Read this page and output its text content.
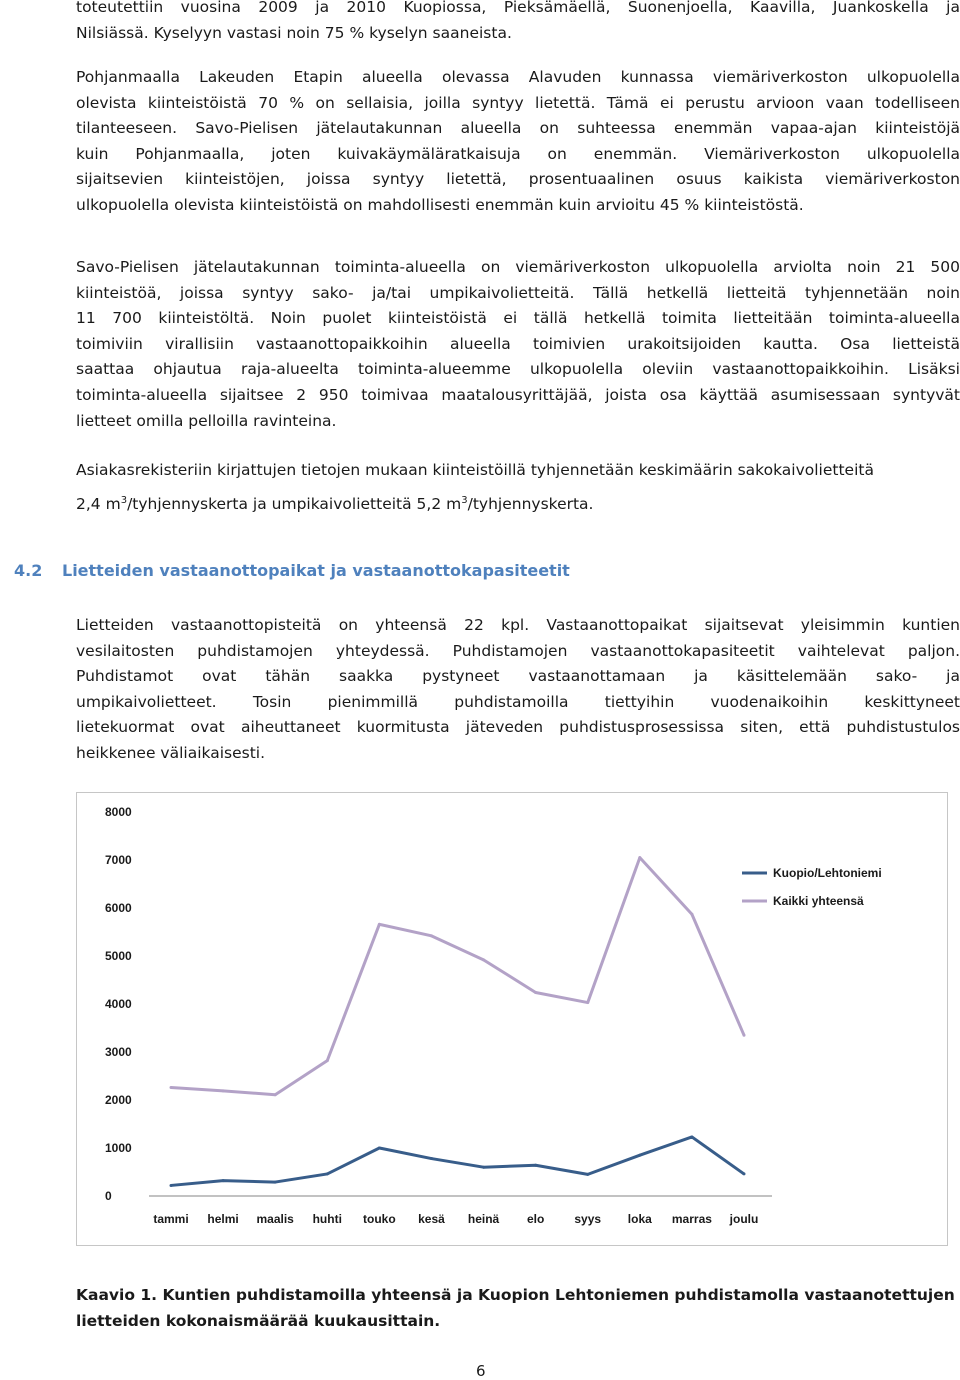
toteutettiin vuosina 2009 ja 2010 Kuopiossa, Pieksämäellä, Suonenjoella, Kaavilla, Juankoskella ja
Nilsiässä. Kyselyyn vastasi noin 75 % kyselyn saaneista.
Pohjanmaalla Lakeuden Etapin alueella olevassa Alavuden kunnassa viemäriverkoston ulkopuolella
olevista kiinteistöistä 70 % on sellaisia, joilla syntyy lietettä. Tämä ei perustu arvioon vaan todelliseen
tilanteeseen. Savo-Pielisen jätelautakunnan alueella on suhteessa enemmän vapaa-ajan kiinteistöjä
kuin Pohjanmaalla, joten kuivakäymäläratkaisuja on enemmän. Viemäriverkoston ulkopuolella
sijaitsevien kiinteistöjen, joissa syntyy lietettä, prosentuaalinen osuus kaikista viemäriverkoston
ulkopuolella olevista kiinteistöistä on mahdollisesti enemmän kuin arvioitu 45 % kiinteistöstä.
Savo-Pielisen jätelautakunnan toiminta-alueella on viemäriverkoston ulkopuolella arviolta noin 21 500
kiinteistöä, joissa syntyy sako- ja/tai umpikaivolietteitä. Tällä hetkellä lietteitä tyhjennetään noin
11 700 kiinteistöltä. Noin puolet kiinteistöistä ei tällä hetkellä toimita lietteitään toiminta-alueella
toimiviin virallisiin vastaanottopaikkoihin alueella toimivien urakoitsijoiden kautta. Osa lietteistä
saattaa ohjautua raja-alueelta toiminta-alueemme ulkopuolella oleviin vastaanottopaikkoihin. Lisäksi
toiminta-alueella sijaitsee 2 950 toimivaa maatalousyrittäjää, joista osa käyttää asumisessaan syntyvät
lietteet omilla pelloilla ravinteina.
Asiakasrekisteriin kirjattujen tietojen mukaan kiinteistöillä tyhjennetään keskimäärin sakokaivolietteitä
2,4 $m^3$/tyhjennyskerta ja umpikaivolietteitä 5,2 $m^3$/tyhjennyskerta.
4.2 Lietteiden vastaanottopaikat ja vastaanottokapasiteetit
Lietteiden vastaanottopisteitä on yhteensä 22 kpl. Vastaanottopaikat sijaitsevat yleisimmin kuntien
vesilaitosten puhdistamojen yhteydessä. Puhdistamojen vastaanottokapasiteetit vaihtelevat paljon.
Puhdistamot ovat tähän saakka pystyneet vastaanottamaan ja käsittelemään sako- ja
umpikaivolietteet. Tosin pienimmillä puhdistamoilla tiettyihin vuodenaikoihin keskittyneet
lietekuormat ovat aiheuttaneet kuormitusta jäteveden puhdistusprosessissa siten, että puhdistustulos
heikkenee väliaikaisesti.
0
1000
2000
3000
4000
5000
6000
7000
8000
tammi helmi maalis huhti touko kesä heinä elo	syys loka marras joulu
Kuopio/Lehtoniemi
Kaikki yhteensä
Kaavio 1. Kuntien puhdistamoilla yhteensä ja Kuopion Lehtoniemen puhdistamolla vastaanotettujen
lietteiden kokonaismäärää kuukausittain.

6
